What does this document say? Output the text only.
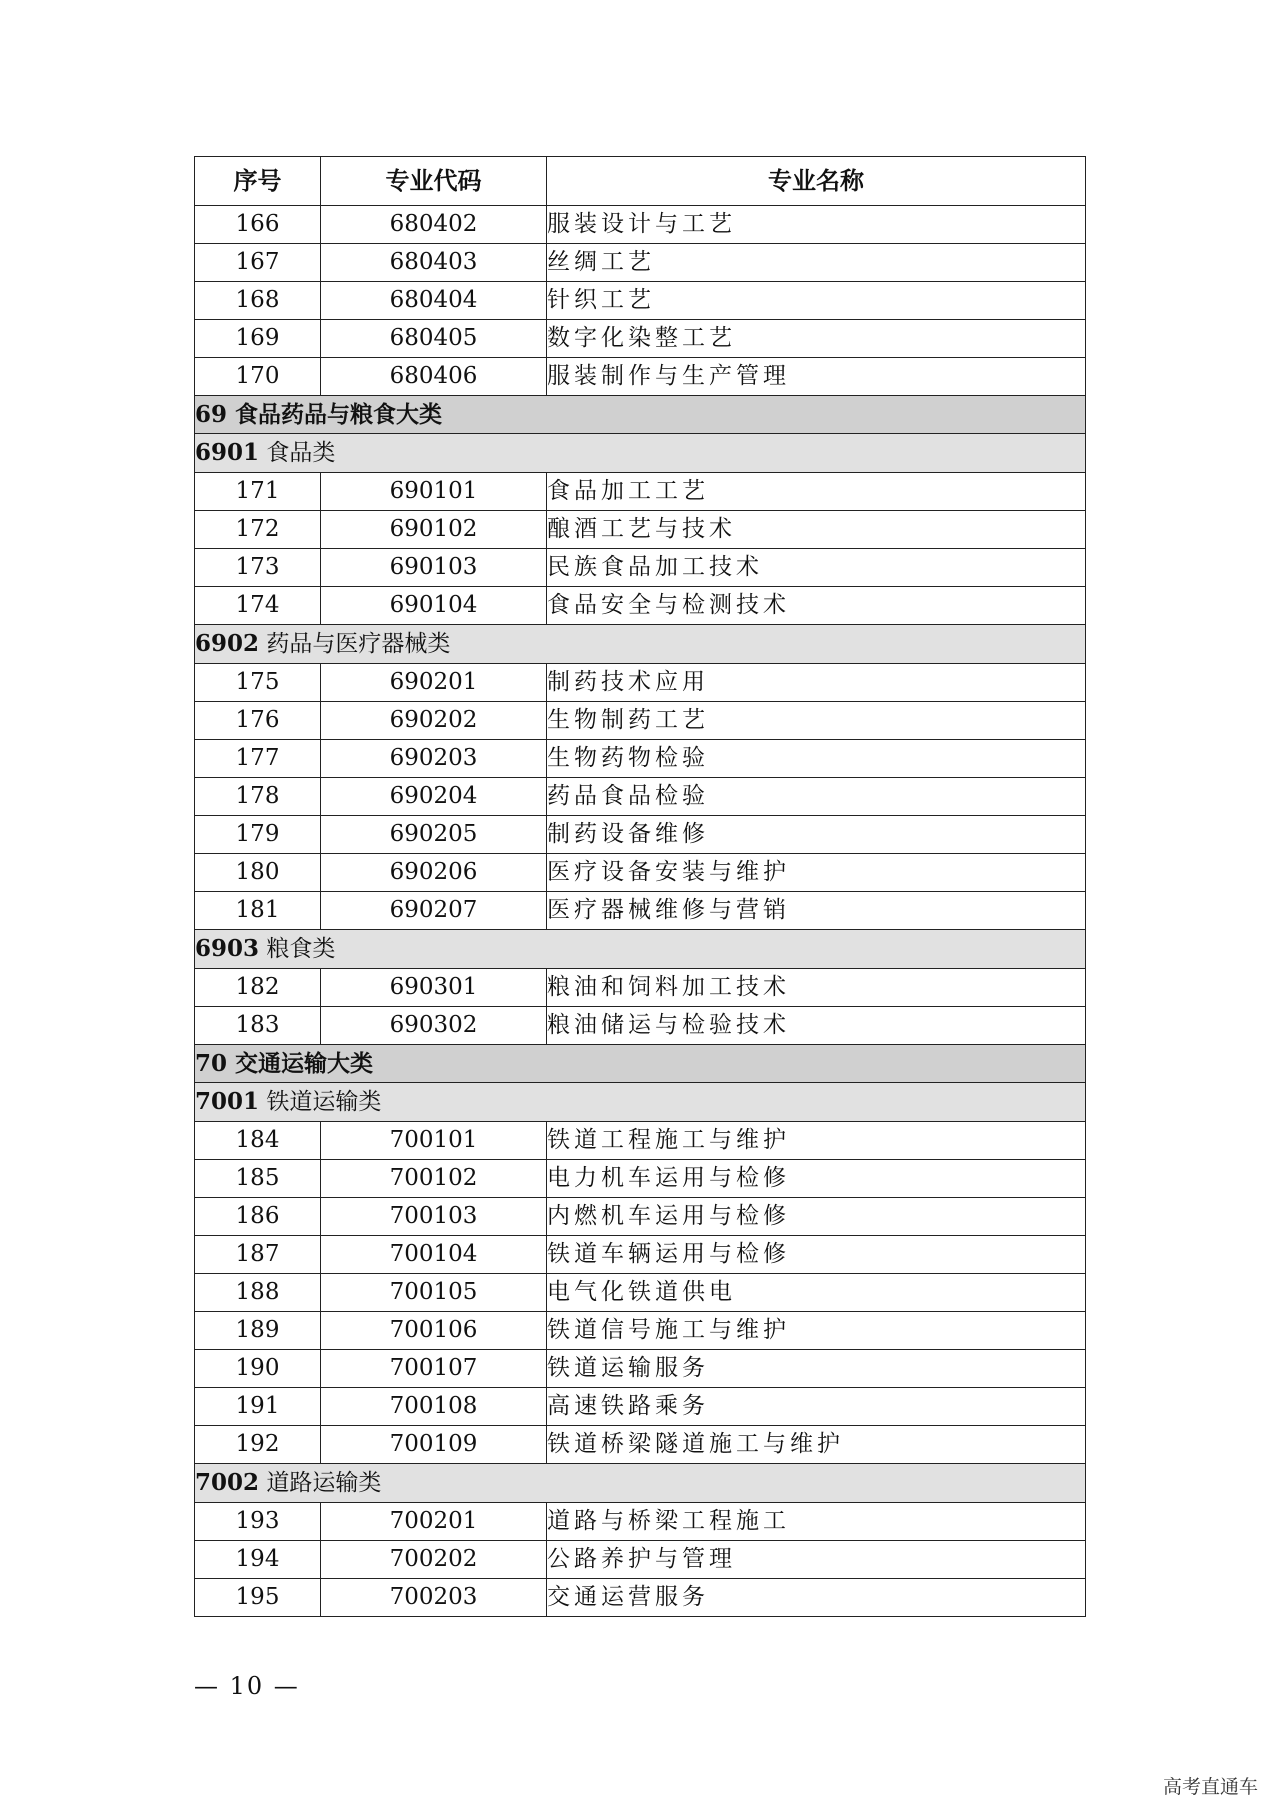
序号	专业代码	专业名称
166	680402	服装设计与工艺
167	680403	丝绸工艺
168	680404	针织工艺
169	680405	数字化染整工艺
170	680406	服装制作与生产管理
69 食品药品与粮食大类		
6901 食品类		
171	690101	食品加工工艺
172	690102	酿酒工艺与技术
173	690103	民族食品加工技术
174	690104	食品安全与检测技术
6902 药品与医疗器械类		
175	690201	制药技术应用
176	690202	生物制药工艺
177	690203	生物药物检验
178	690204	药品食品检验
179	690205	制药设备维修
180	690206	医疗设备安装与维护
181	690207	医疗器械维修与营销
6903 粮食类		
182	690301	粮油和饲料加工技术
183	690302	粮油储运与检验技术
70 交通运输大类		
7001 铁道运输类		
184	700101	铁道工程施工与维护
185	700102	电力机车运用与检修
186	700103	内燃机车运用与检修
187	700104	铁道车辆运用与检修
188	700105	电气化铁道供电
189	700106	铁道信号施工与维护
190	700107	铁道运输服务
191	700108	高速铁路乘务
192	700109	铁道桥梁隧道施工与维护
7002 道路运输类		
193	700201	道路与桥梁工程施工
194	700202	公路养护与管理
195	700203	交通运营服务
— 10 —
高考直通车
